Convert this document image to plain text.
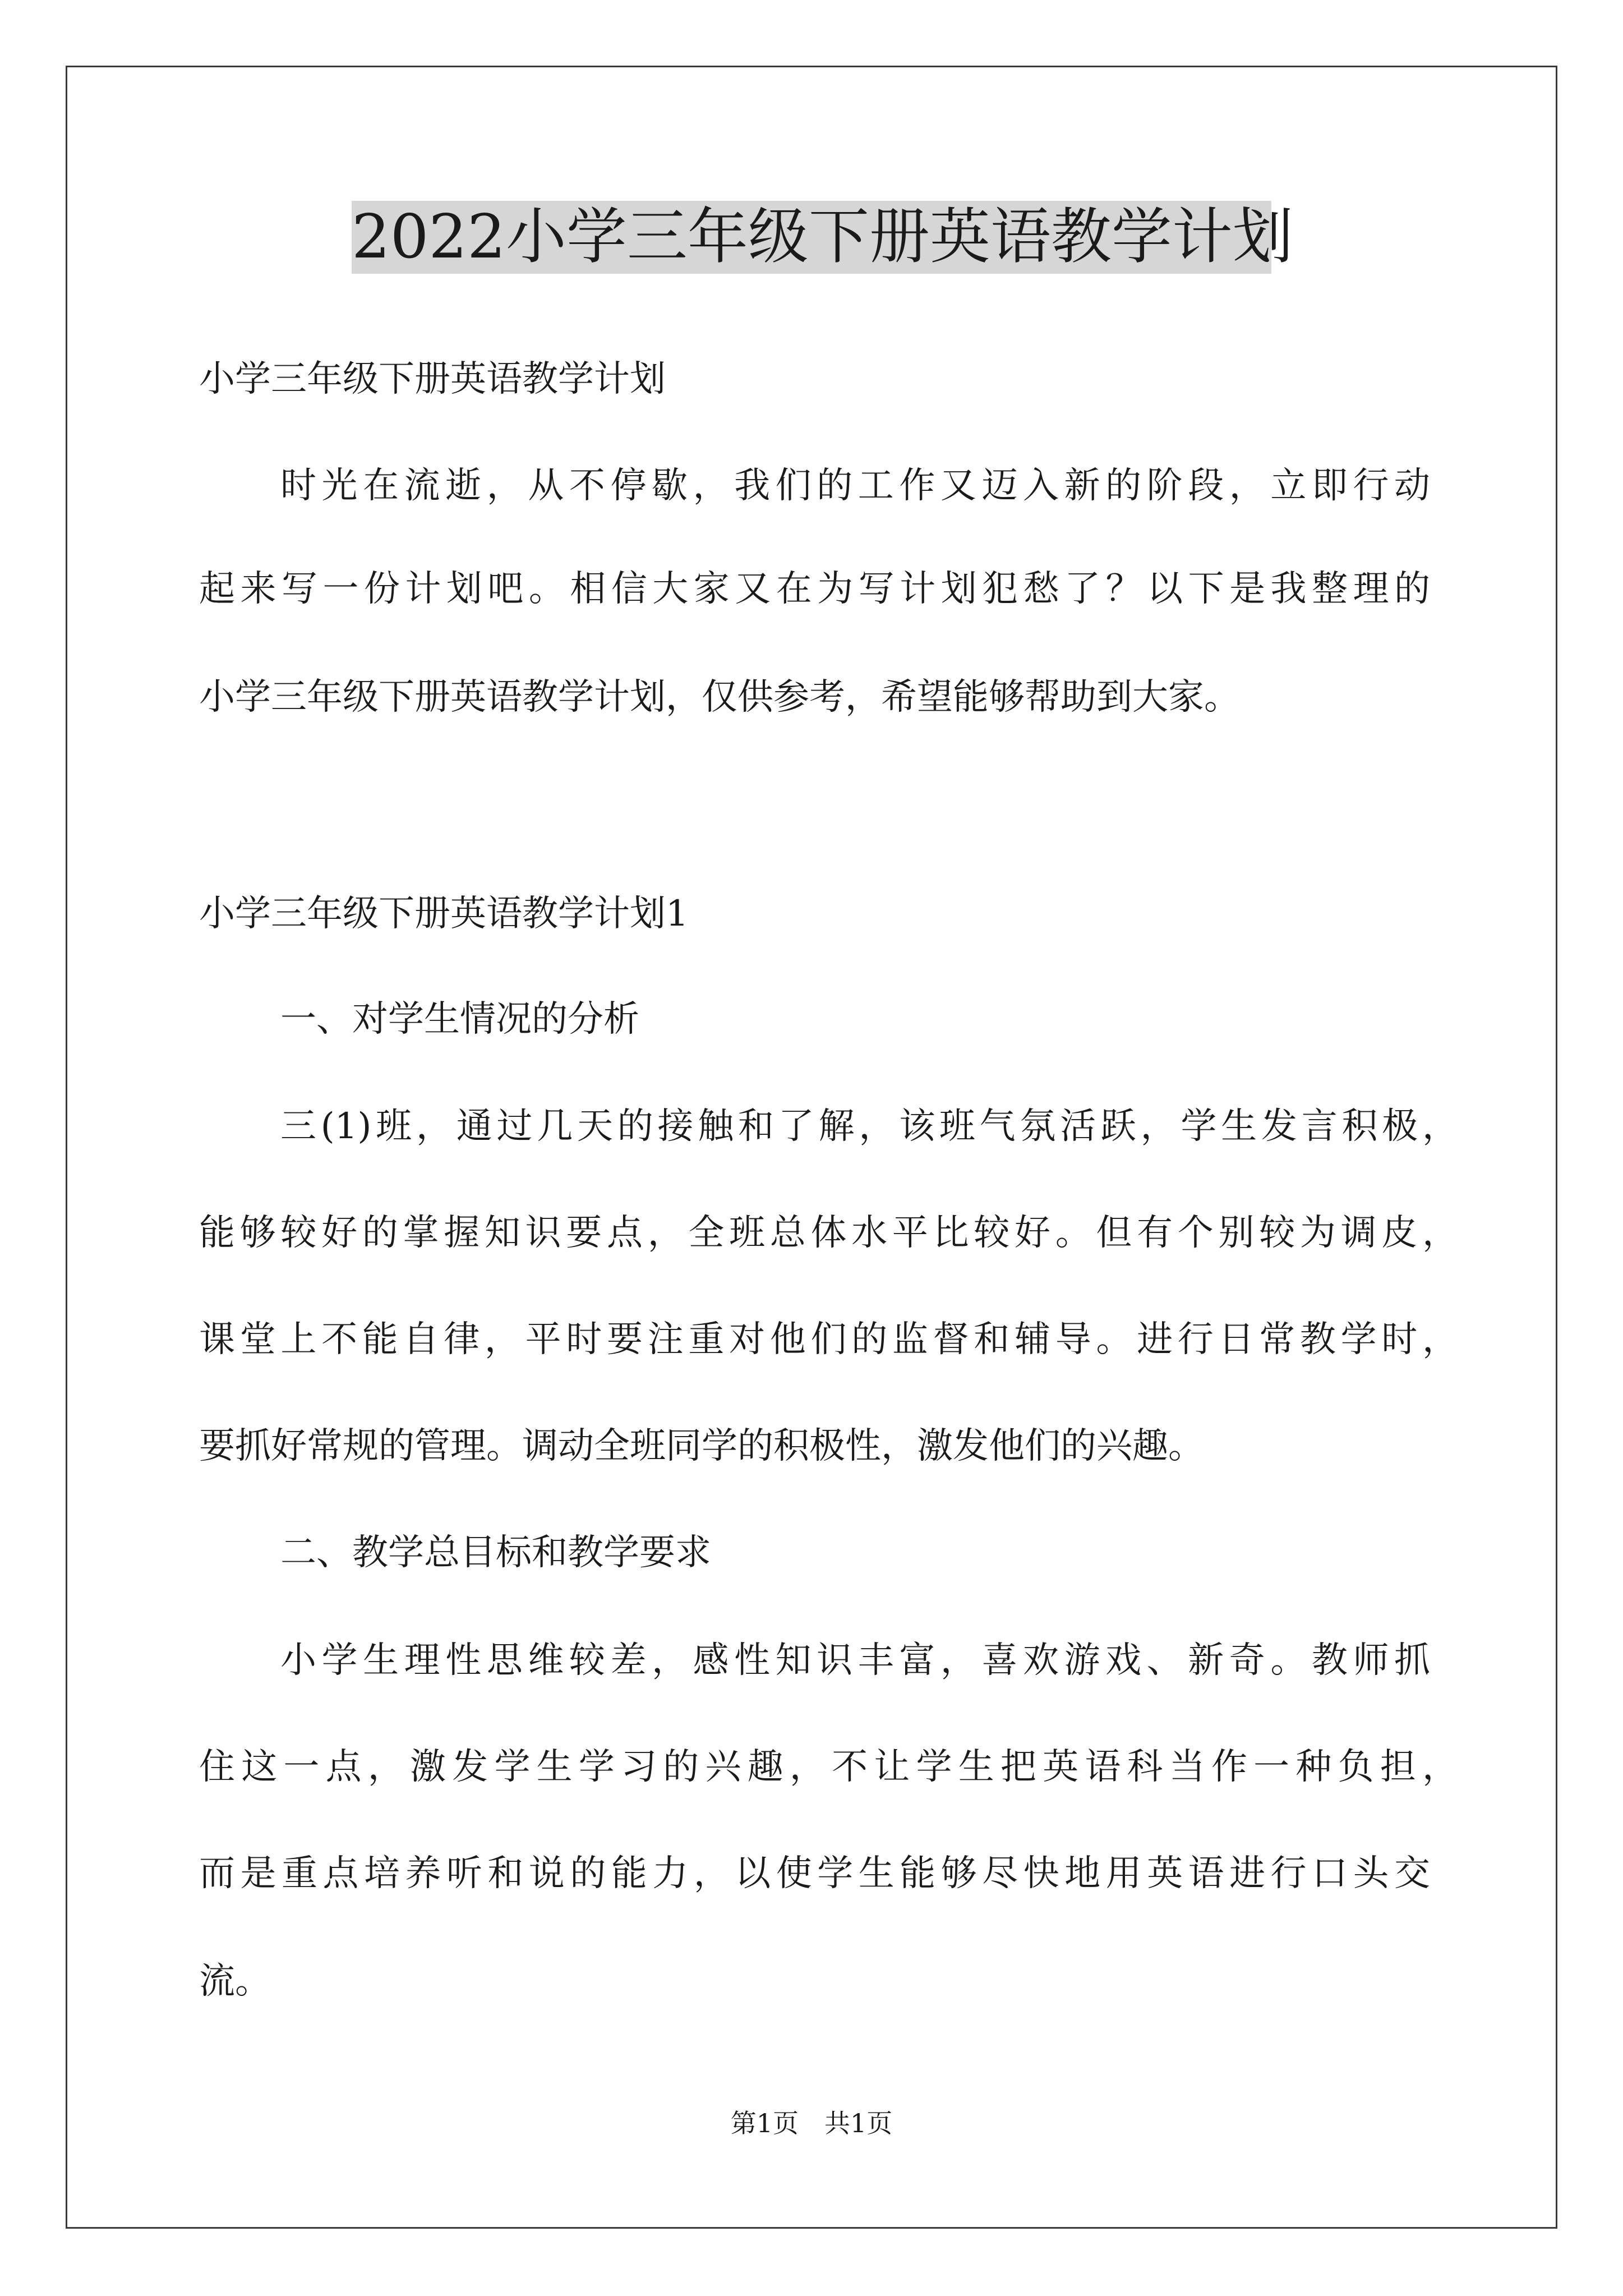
2022小学三年级下册英语教学计划
小学三年级下册英语教学计划
时光在流逝，从不停歇，我们的工作又迈入新的阶段，立即行动
起来写一份计划吧。相信大家又在为写计划犯愁了？以下是我整理的
小学三年级下册英语教学计划，仅供参考，希望能够帮助到大家。
小学三年级下册英语教学计划1
一、对学生情况的分析
三(1)班，通过几天的接触和了解，该班气氛活跃，学生发言积极，
能够较好的掌握知识要点，全班总体水平比较好。但有个别较为调皮，
课堂上不能自律，平时要注重对他们的监督和辅导。进行日常教学时，
要抓好常规的管理。调动全班同学的积极性，激发他们的兴趣。
二、教学总目标和教学要求
小学生理性思维较差，感性知识丰富，喜欢游戏、新奇。教师抓
住这一点，激发学生学习的兴趣，不让学生把英语科当作一种负担，
而是重点培养听和说的能力，以使学生能够尽快地用英语进行口头交
流。
第1页　共1页
